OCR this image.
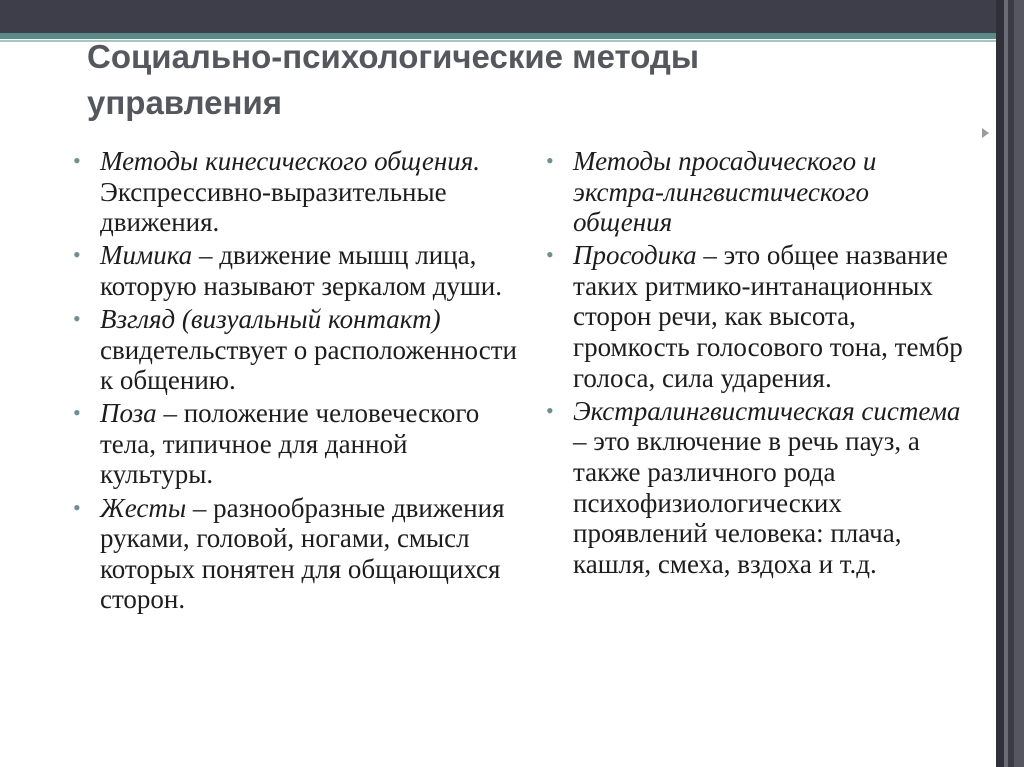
Социально-психологические методы управления
• Методы кинесического общения. Экспрессивно-выразительные движения.
• Мимика – движение мышц лица, которую называют зеркалом души.
• Взгляд (визуальный контакт) свидетельствует о расположенности к общению.
• Поза – положение человеческого тела, типичное для данной культуры.
• Жесты – разнообразные движения руками, головой, ногами, смысл которых понятен для общающихся сторон.
• Методы просадического и экстра-лингвистического общения
• Просодика – это общее название таких ритмико-интанационных сторон речи, как высота, громкость голосового тона, тембр голоса, сила ударения.
• Экстралингвистическая система – это включение в речь пауз, а также различного рода психофизиологических проявлений человека: плача, кашля, смеха, вздоха и т.д.
